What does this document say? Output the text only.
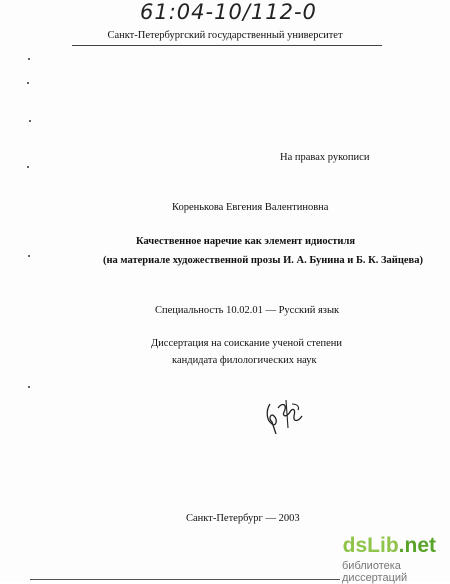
61:04-10/112-0
Санкт-Петербургский государственный университет
На правах рукописи
Коренькова Евгения Валентиновна
Качественное наречие как элемент идиостиля
(на материале художественной прозы И. А. Бунина и Б. К. Зайцева)
Специальность 10.02.01 — Русский язык
Диссертация на соискание ученой степени
кандидата филологических наук
Санкт-Петербург — 2003
dsLib.net
библиотека диссертаций
